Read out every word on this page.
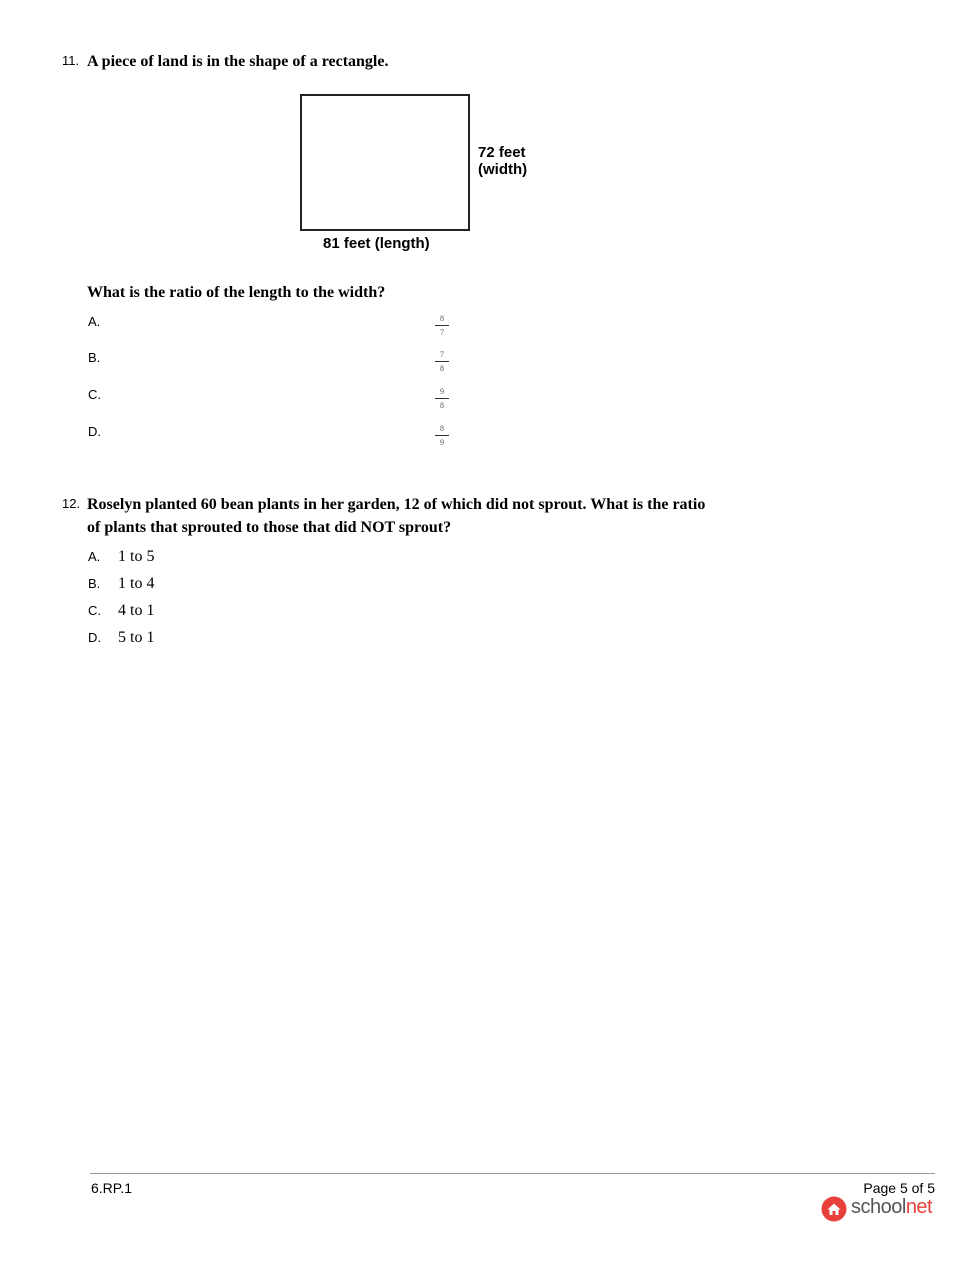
11. A piece of land is in the shape of a rectangle.
72 feet
(width)
81 feet (length)
What is the ratio of the length to the width?
A.	8
7
B.	7
8
C.	9
8
D.	8
9
12. Roselyn planted 60 bean plants in her garden, 12 of which did not sprout. What is the ratio
of plants that sprouted to those that did NOT sprout?
A. 1 to 5
B. 1 to 4
C. 4 to 1
D. 5 to 1
6.RP.1	Page 5 of 5
schoolnet
